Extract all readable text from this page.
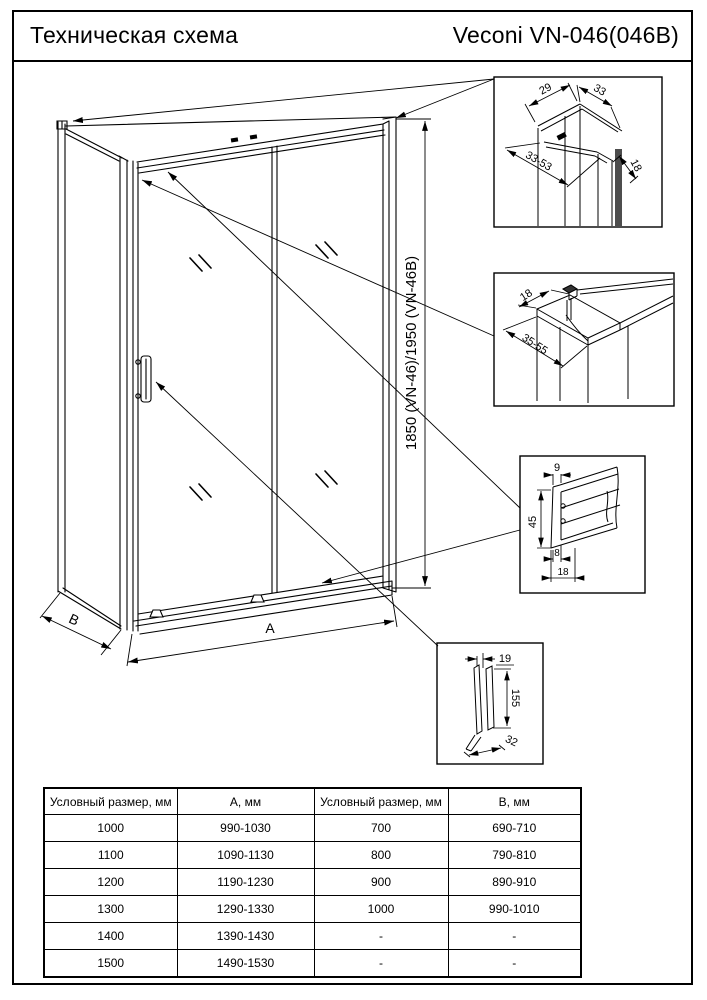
Техническая схема	Veconi VN-046(046B)
1850 (VN-46)/1950 (VN-46B)
A
B
29	33
33-53	18
18
35-55
9
45
8
18
19
155
32
Условный размер, мм	А, мм	Условный размер, мм	В, мм
1000	990-1030	700	690-710
1100	1090-1130	800	790-810
1200	1190-1230	900	890-910
1300	1290-1330	1000	990-1010
1400	1390-1430	-	-
1500	1490-1530	-	-
